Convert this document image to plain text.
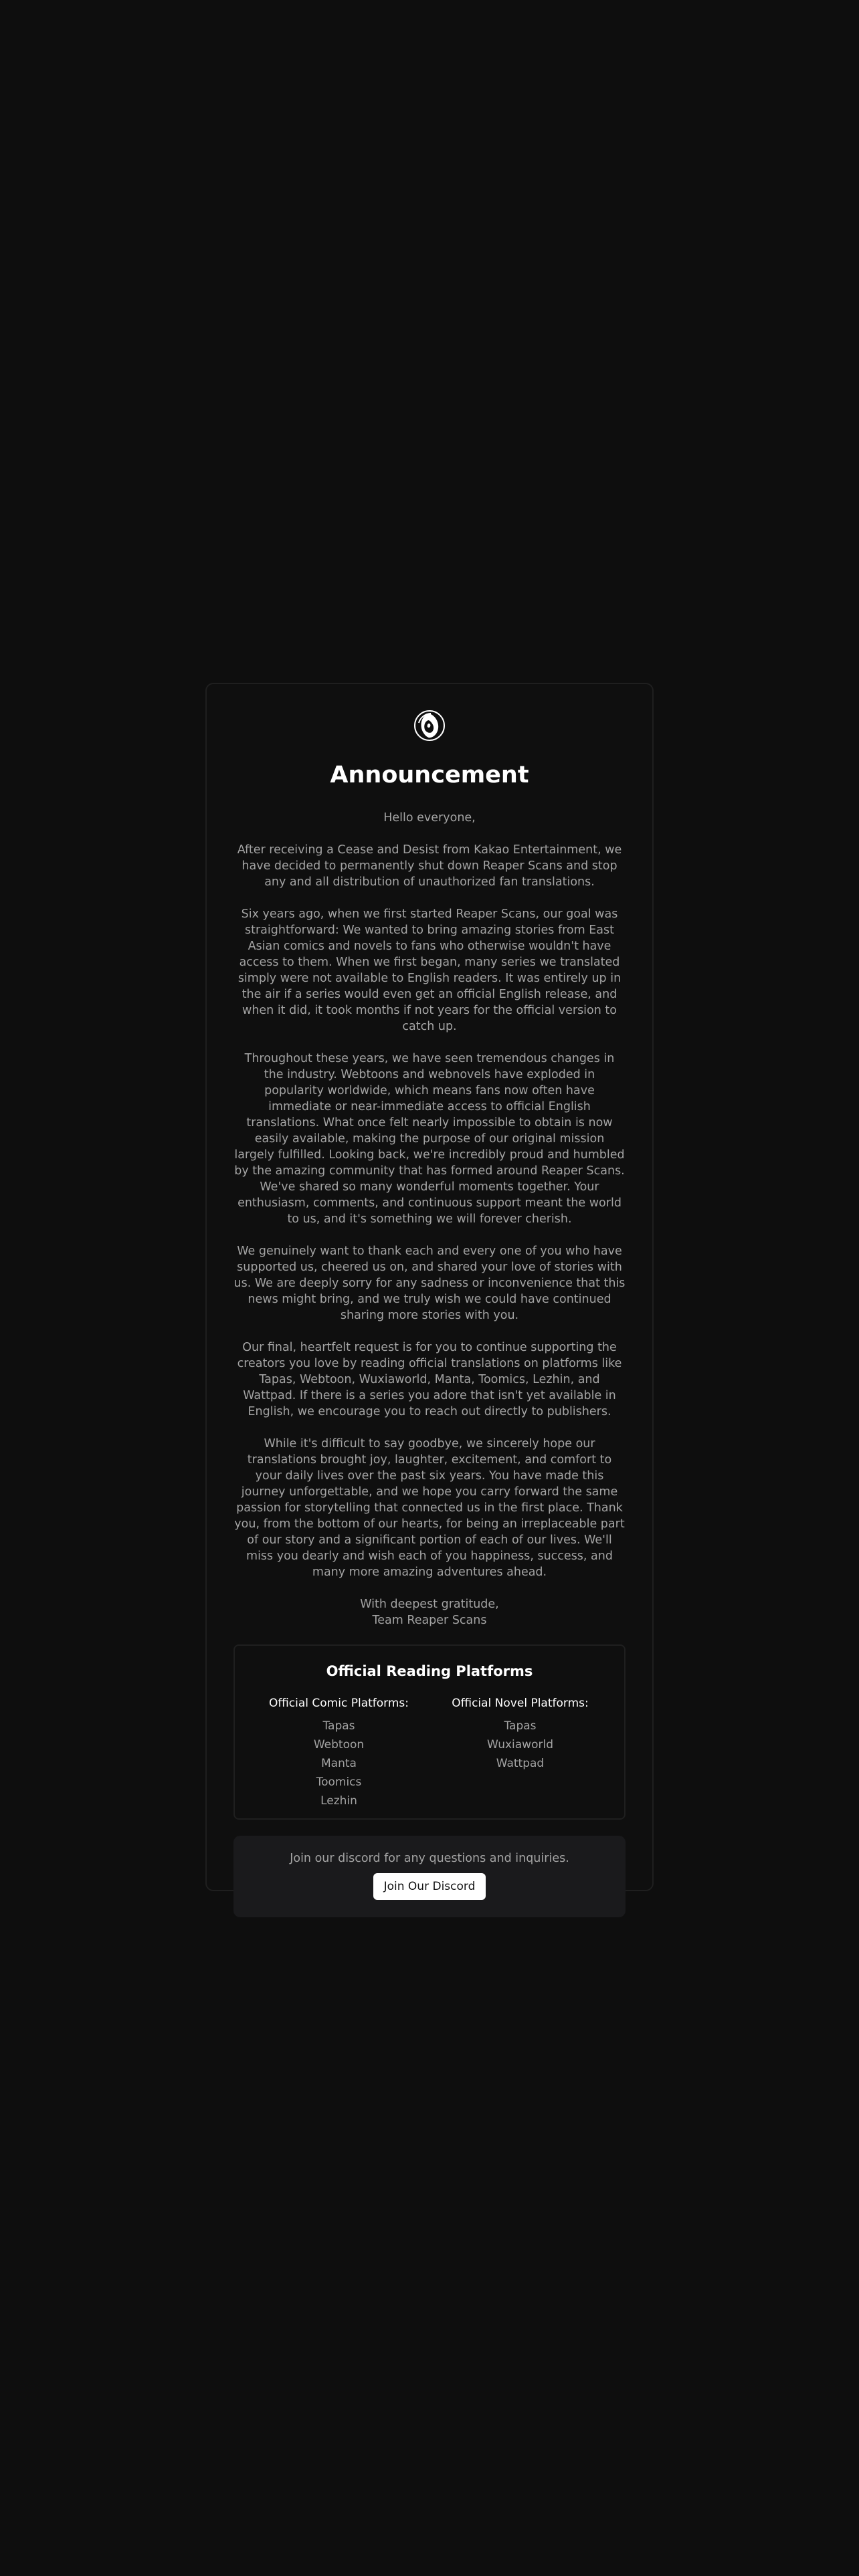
Announcement

Hello everyone,

After receiving a Cease and Desist from Kakao Entertainment, we have decided to permanently shut down Reaper Scans and stop any and all distribution of unauthorized fan translations.

Six years ago, when we first started Reaper Scans, our goal was straightforward: We wanted to bring amazing stories from East Asian comics and novels to fans who otherwise wouldn't have access to them. When we first began, many series we translated simply were not available to English readers. It was entirely up in the air if a series would even get an official English release, and when it did, it took months if not years for the official version to catch up.

Throughout these years, we have seen tremendous changes in the industry. Webtoons and webnovels have exploded in popularity worldwide, which means fans now often have immediate or near-immediate access to official English translations. What once felt nearly impossible to obtain is now easily available, making the purpose of our original mission largely fulfilled. Looking back, we're incredibly proud and humbled by the amazing community that has formed around Reaper Scans. We've shared so many wonderful moments together. Your enthusiasm, comments, and continuous support meant the world to us, and it's something we will forever cherish.

We genuinely want to thank each and every one of you who have supported us, cheered us on, and shared your love of stories with us. We are deeply sorry for any sadness or inconvenience that this news might bring, and we truly wish we could have continued sharing more stories with you.

Our final, heartfelt request is for you to continue supporting the creators you love by reading official translations on platforms like Tapas, Webtoon, Wuxiaworld, Manta, Toomics, Lezhin, and Wattpad. If there is a series you adore that isn't yet available in English, we encourage you to reach out directly to publishers.

While it's difficult to say goodbye, we sincerely hope our translations brought joy, laughter, excitement, and comfort to your daily lives over the past six years. You have made this journey unforgettable, and we hope you carry forward the same passion for storytelling that connected us in the first place. Thank you, from the bottom of our hearts, for being an irreplaceable part of our story and a significant portion of each of our lives. We'll miss you dearly and wish each of you happiness, success, and many more amazing adventures ahead.

With deepest gratitude,

Team Reaper Scans

Official Reading Platforms
Official Comic Platforms:
Tapas
Webtoon
Manta
Toomics
Lezhin
Official Novel Platforms:
Tapas
Wuxiaworld
Wattpad

Join our discord for any questions and inquiries.

Join Our Discord
